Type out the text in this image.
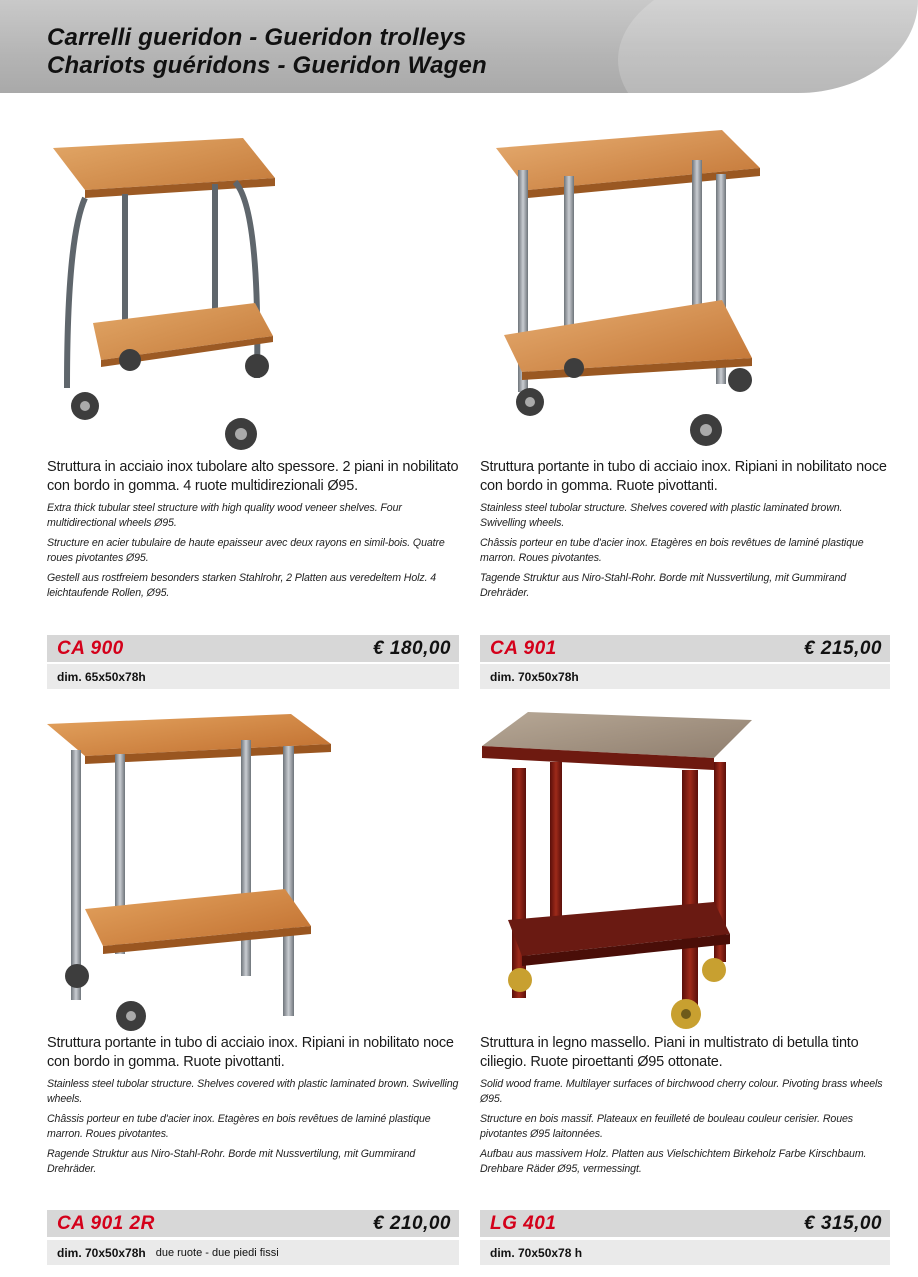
Carrelli gueridon - Gueridon trolleys
Chariots guéridons - Gueridon Wagen
Struttura in acciaio inox tubolare alto spessore. 2 piani in nobilitato con bordo in gomma. 4 ruote multidirezionali Ø95.
Extra thick tubular steel structure with high quality wood veneer shelves. Four multidirectional wheels Ø95.
Structure en acier tubulaire de haute epaisseur avec deux rayons en simil-bois. Quatre roues pivotantes Ø95.
Gestell aus rostfreiem besonders starken Stahlrohr, 2 Platten aus veredeltem Holz. 4 leichtaufende Rollen, Ø95.
CA 900	€ 180,00
dim. 65x50x78h
Struttura portante in tubo di acciaio inox. Ripiani in nobilitato noce con bordo in gomma. Ruote pivottanti.
Stainless steel tubolar structure. Shelves covered with plastic laminated brown. Swivelling wheels.
Châssis porteur en tube d'acier inox. Etagères en bois revêtues de laminé plastique marron. Roues pivotantes.
Tagende Struktur aus Niro-Stahl-Rohr. Borde mit Nussvertilung, mit Gummirand Drehräder.
CA 901	€ 215,00
dim. 70x50x78h
Struttura portante in tubo di acciaio inox. Ripiani in nobilitato noce con bordo in gomma. Ruote pivottanti.
Stainless steel tubolar structure. Shelves covered with plastic laminated brown. Swivelling wheels.
Châssis porteur en tube d'acier inox. Etagères en bois revêtues de laminé plastique marron. Roues pivotantes.
Ragende Struktur aus Niro-Stahl-Rohr. Borde mit Nussvertilung, mit Gummirand Drehräder.
CA 901 2R	€ 210,00
dim. 70x50x78h due ruote - due piedi fissi
Struttura in legno massello. Piani in multistrato di betulla tinto ciliegio. Ruote piroettanti Ø95 ottonate.
Solid wood frame. Multilayer surfaces of birchwood cherry colour. Pivoting brass wheels Ø95.
Structure en bois massif. Plateaux en feuilleté de bouleau couleur cerisier. Roues pivotantes Ø95 laitonnées.
Aufbau aus massivem Holz. Platten aus Vielschichtem Birkeholz Farbe Kirschbaum. Drehbare Räder Ø95, vermessingt.
LG 401	€ 315,00
dim. 70x50x78 h
